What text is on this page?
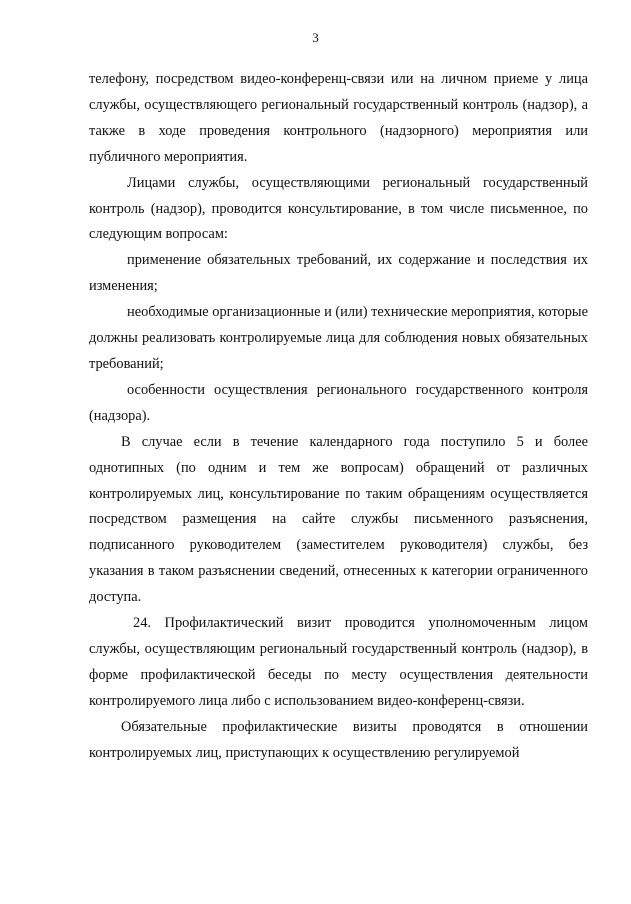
3

телефону, посредством видео-конференц-связи или на личном приеме у лица службы, осуществляющего региональный государственный контроль (надзор), а также в ходе проведения контрольного (надзорного) мероприятия или публичного мероприятия.

Лицами службы, осуществляющими региональный государственный контроль (надзор), проводится консультирование, в том числе письменное, по следующим вопросам:

применение обязательных требований, их содержание и последствия их изменения;

необходимые организационные и (или) технические мероприятия, которые должны реализовать контролируемые лица для соблюдения новых обязательных требований;

особенности осуществления регионального государственного контроля (надзора).

В случае если в течение календарного года поступило 5 и более однотипных (по одним и тем же вопросам) обращений от различных контролируемых лиц, консультирование по таким обращениям осуществляется посредством размещения на сайте службы письменного разъяснения, подписанного руководителем (заместителем руководителя) службы, без указания в таком разъяснении сведений, отнесенных к категории ограниченного доступа.

24. Профилактический визит проводится уполномоченным лицом службы, осуществляющим региональный государственный контроль (надзор), в форме профилактической беседы по месту осуществления деятельности контролируемого лица либо с использованием видео-конференц-связи.

Обязательные профилактические визиты проводятся в отношении контролируемых лиц, приступающих к осуществлению регулируемой
